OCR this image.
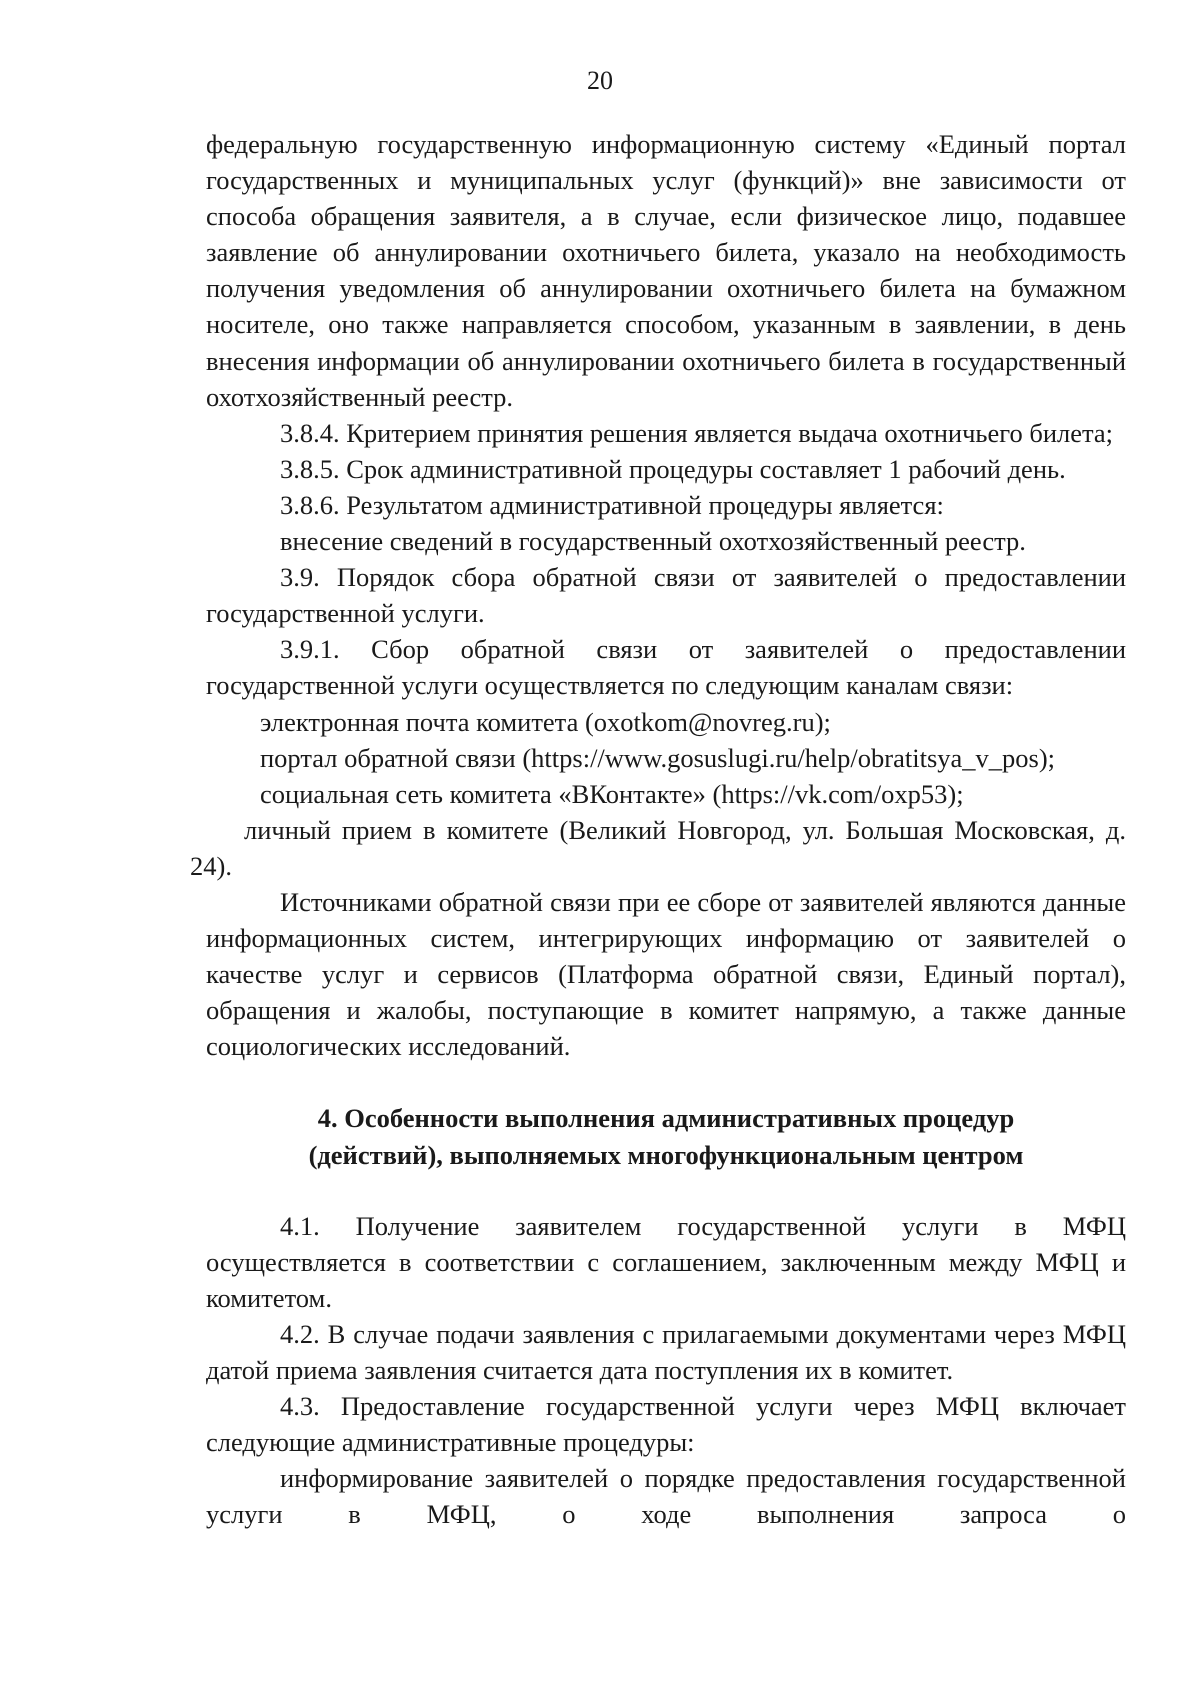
20

федеральную государственную информационную систему «Единый портал государственных и муниципальных услуг (функций)» вне зависимости от способа обращения заявителя, а в случае, если физическое лицо, подавшее заявление об аннулировании охотничьего билета, указало на необходимость получения уведомления об аннулировании охотничьего билета на бумажном носителе, оно также направляется способом, указанным в заявлении, в день внесения информации об аннулировании охотничьего билета в государственный охотхозяйственный реестр.

3.8.4. Критерием принятия решения является выдача охотничьего билета;

3.8.5. Срок административной процедуры составляет 1 рабочий день.

3.8.6. Результатом административной процедуры является:

внесение сведений в государственный охотхозяйственный реестр.

3.9. Порядок сбора обратной связи от заявителей о предоставлении государственной услуги.

3.9.1. Сбор обратной связи от заявителей о предоставлении государственной услуги осуществляется по следующим каналам связи:

электронная почта комитета (oxotkom@novreg.ru);

портал обратной связи (https://www.gosuslugi.ru/help/obratitsya_v_pos);

социальная сеть комитета «ВКонтакте» (https://vk.com/oxp53);

личный прием в комитете (Великий Новгород, ул. Большая Московская, д. 24).

Источниками обратной связи при ее сборе от заявителей являются данные информационных систем, интегрирующих информацию от заявителей о качестве услуг и сервисов (Платформа обратной связи, Единый портал), обращения и жалобы, поступающие в комитет напрямую, а также данные социологических исследований.

4. Особенности выполнения административных процедур
(действий), выполняемых многофункциональным центром

4.1. Получение заявителем государственной услуги в МФЦ осуществляется в соответствии с соглашением, заключенным между МФЦ и комитетом.

4.2. В случае подачи заявления с прилагаемыми документами через МФЦ датой приема заявления считается дата поступления их в комитет.

4.3. Предоставление государственной услуги через МФЦ включает следующие административные процедуры:

информирование заявителей о порядке предоставления государственной услуги в МФЦ, о ходе выполнения запроса о
